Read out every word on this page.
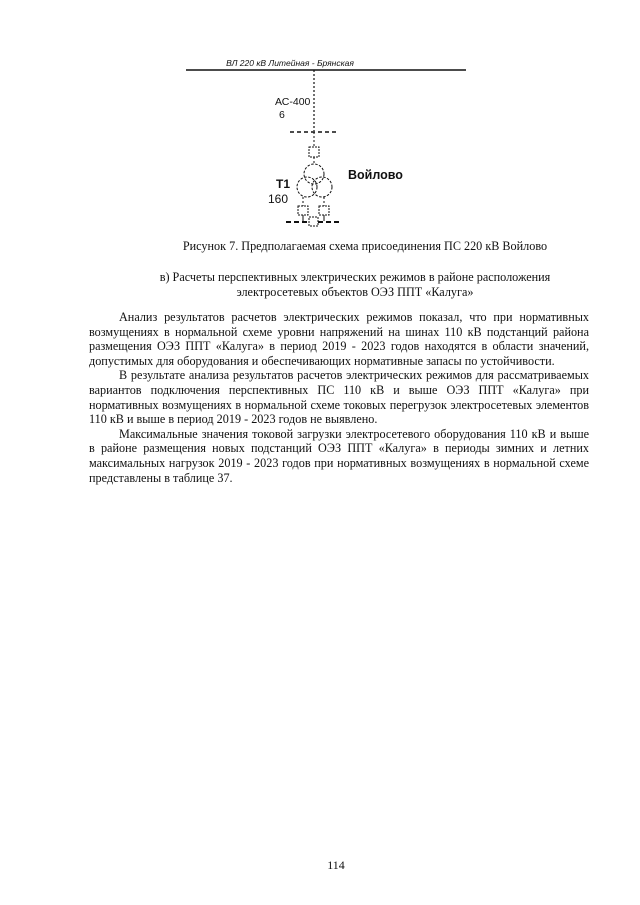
ВЛ 220 кВ Литейная - Брянская
АС-400
6
Т1
160
Войлово
Рисунок 7. Предполагаемая схема присоединения ПС 220 кВ Войлово
в) Расчеты перспективных электрических режимов в районе расположения
электросетевых объектов ОЭЗ ППТ «Калуга»

Анализ результатов расчетов электрических режимов показал, что при нормативных возмущениях в нормальной схеме уровни напряжений на шинах 110 кВ подстанций района размещения ОЭЗ ППТ «Калуга» в период 2019 - 2023 годов находятся в области значений, допустимых для оборудования и обеспечивающих нормативные запасы по устойчивости.

В результате анализа результатов расчетов электрических режимов для рассматриваемых вариантов подключения перспективных ПС 110 кВ и выше ОЭЗ ППТ «Калуга» при нормативных возмущениях в нормальной схеме токовых перегрузок электросетевых элементов 110 кВ и выше в период 2019 - 2023 годов не выявлено.

Максимальные значения токовой загрузки электросетевого оборудования 110 кВ и выше в районе размещения новых подстанций ОЭЗ ППТ «Калуга» в периоды зимних и летних максимальных нагрузок 2019 - 2023 годов при нормативных возмущениях в нормальной схеме представлены в таблице 37.

114
